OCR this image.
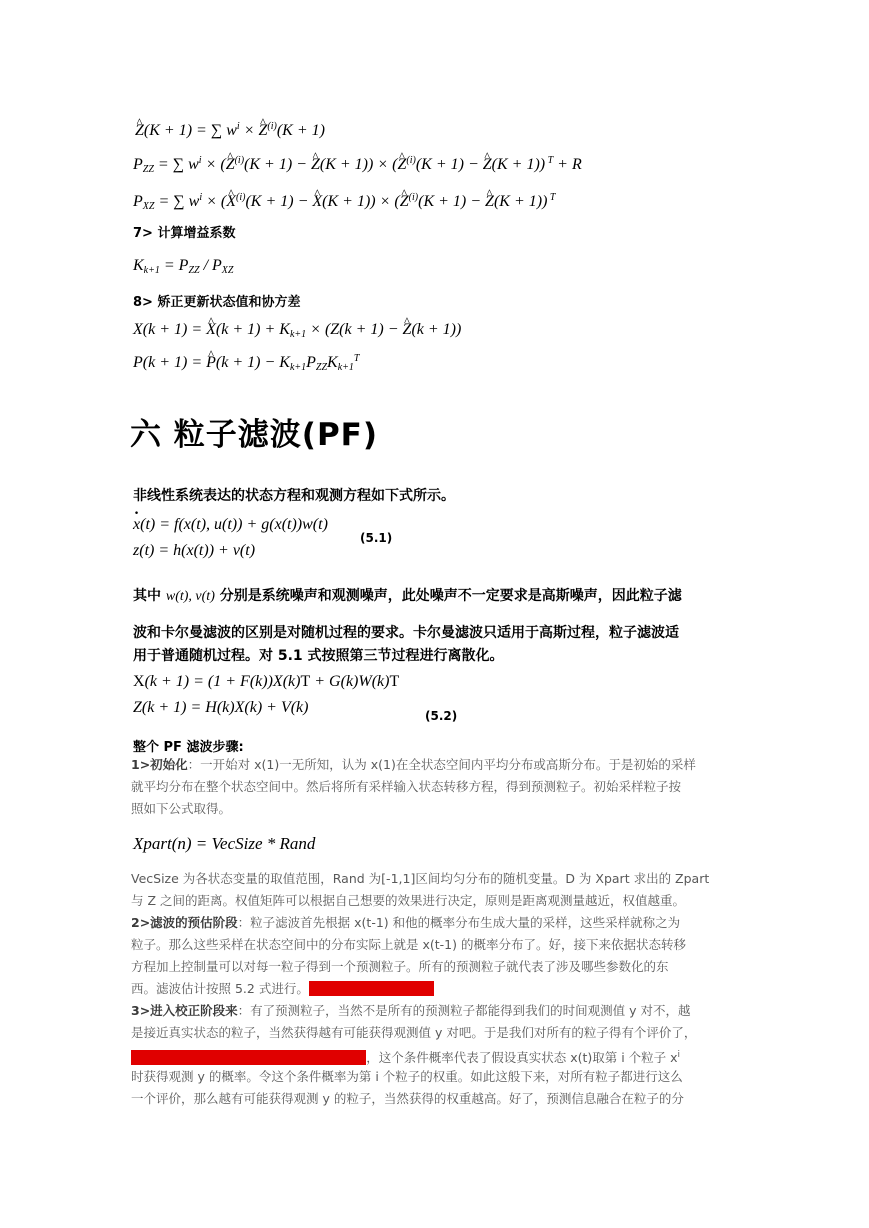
^ Z(K + 1) = ∑ $w^i$ × ^ $Z^{(i)}(K + 1)$
$P_{ZZ}$ = ∑ $w^i$ × (^ $Z^{(i)}(K + 1)$ − ^ Z(K + 1)) × (^ $Z^{(i)}(K + 1)$ − ^ Z(K + 1)) $^T$ + R
$P_{XZ}$ = ∑ $w^i$ × (^ $X^{(i)}(K + 1)$ − ^ X(K + 1)) × (^ $Z^{(i)}(K + 1)$ − ^ Z(K + 1)) $^T$
7> 计算增益系数
$K_{k+1} = P_{ZZ} / P_{XZ}$
8> 矫正更新状态值和协方差
X(k + 1) = ^ $X(k + 1) + K_{k+1} \times (Z(k + 1)$ − ^ Z(k + 1))
P(k + 1) = ^ $P(k + 1) - K_{k+1}P_{ZZ}K_{k+1}^T$
六 粒子滤波(PF)
非线性系统表达的状态方程和观测方程如下式所示。
· x(t) = f(x(t), u(t)) + g(x(t))w(t)
z(t) = h(x(t)) + v(t)
(5.1)
其中 w(t), v(t) 分别是系统噪声和观测噪声，此处噪声不一定要求是高斯噪声，因此粒子滤
波和卡尔曼滤波的区别是对随机过程的要求。卡尔曼滤波只适用于高斯过程，粒子滤波适
用于普通随机过程。对 5.1 式按照第三节过程进行离散化。
X(k + 1) = (1 + F(k))X(k)T + G(k)W(k)T
Z(k + 1) = H(k)X(k) + V(k)	(5.2)
整个 PF 滤波步骤:
1>初始化：一开始对 x(1)一无所知，认为 x(1)在全状态空间内平均分布或高斯分布。于是初始的采样
就平均分布在整个状态空间中。然后将所有采样输入状态转移方程，得到预测粒子。初始采样粒子按
照如下公式取得。
Xpart(n) = VecSize * Rand
VecSize 为各状态变量的取值范围，Rand 为[-1,1]区间均匀分布的随机变量。D 为 Xpart 求出的 Zpart
与 Z 之间的距离。权值矩阵可以根据自己想要的效果进行决定，原则是距离观测量越近，权值越重。
2>滤波的预估阶段：粒子滤波首先根据 x(t-1) 和他的概率分布生成大量的采样，这些采样就称之为
粒子。那么这些采样在状态空间中的分布实际上就是 x(t-1) 的概率分布了。好，接下来依据状态转移
方程加上控制量可以对每一粒子得到一个预测粒子。所有的预测粒子就代表了涉及哪些参数化的东
西。滤波估计按照 5.2 式进行。这就是预测粒子的分布
3>进入校正阶段来：有了预测粒子，当然不是所有的预测粒子都能得到我们的时间观测值 y 对不，越
是接近真实状态的粒子，当然获得越有可能获得观测值 y 对吧。于是我们对所有的粒子得有个评价了，
这个评价就是一个条件概率 P(y|xi) 不是吗，这个条件概率代表了假设真实状态 x(t)取第 i 个粒子 $x^i$
时获得观测 y 的概率。令这个条件概率为第 i 个粒子的权重。如此这般下来，对所有粒子都进行这么
一个评价，那么越有可能获得观测 y 的粒子，当然获得的权重越高。好了，预测信息融合在粒子的分
